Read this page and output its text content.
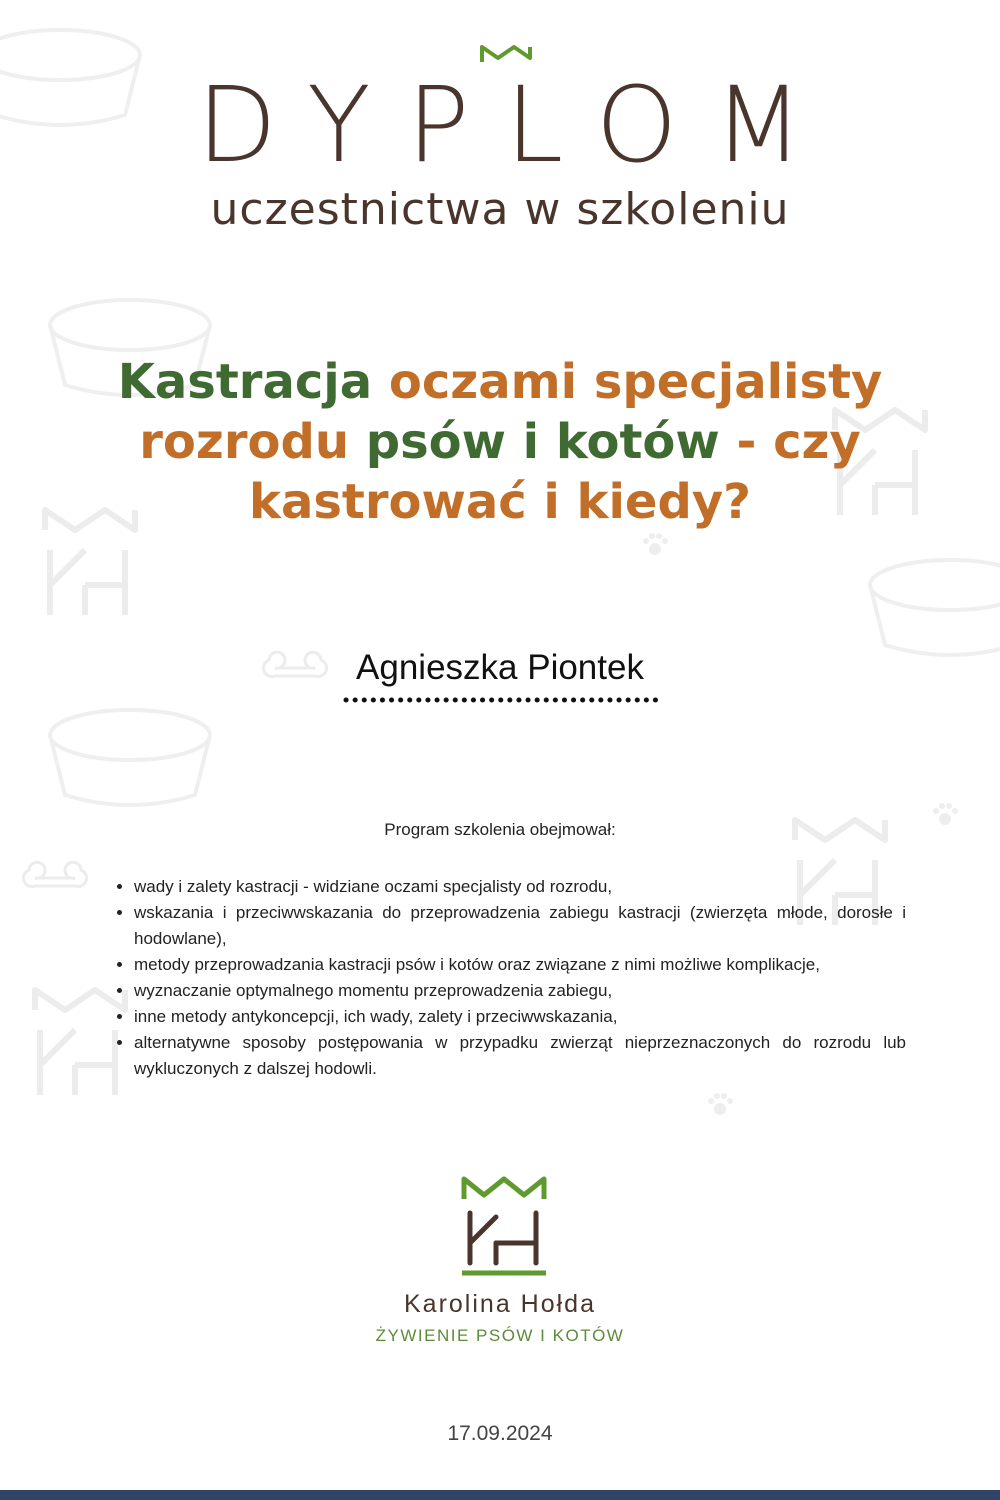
DYPLOM
uczestnictwa w szkoleniu
Kastracja oczami specjalisty rozrodu psów i kotów - czy kastrować i kiedy?
Agnieszka Piontek
Program szkolenia obejmował:
• wady i zalety kastracji - widziane oczami specjalisty od rozrodu,
• wskazania i przeciwwskazania do przeprowadzenia zabiegu kastracji (zwierzęta młode, dorosłe i hodowlane),
• metody przeprowadzania kastracji psów i kotów oraz związane z nimi możliwe komplikacje,
• wyznaczanie optymalnego momentu przeprowadzenia zabiegu,
• inne metody antykoncepcji, ich wady, zalety i przeciwwskazania,
• alternatywne sposoby postępowania w przypadku zwierząt nieprzeznaczonych do rozrodu lub wykluczonych z dalszej hodowli.
Karolina Hołda
ŻYWIENIE PSÓW I KOTÓW
17.09.2024
